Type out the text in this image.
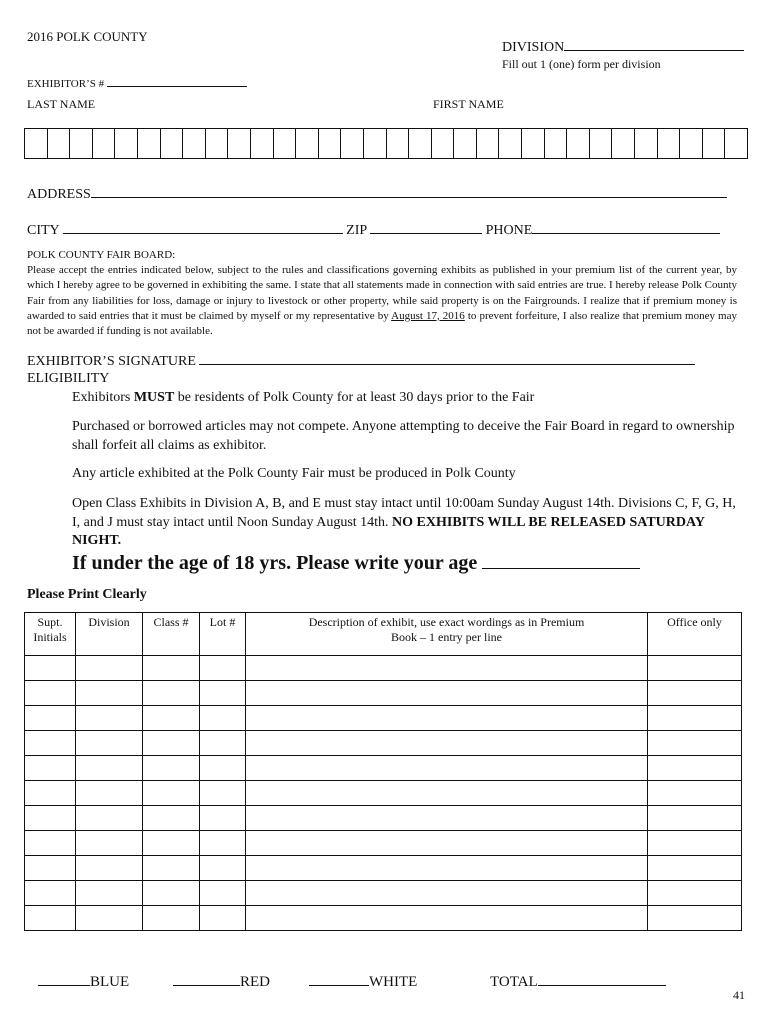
2016 POLK COUNTY
DIVISION
Fill out 1 (one) form per division
EXHIBITOR’S #
LAST NAME	FIRST NAME
ADDRESS
CITY	ZIP	PHONE
POLK COUNTY FAIR BOARD:
Please accept the entries indicated below, subject to the rules and classifications governing exhibits as published in your premium list of the current year, by which I hereby agree to be governed in exhibiting the same. I state that all statements made in connection with said entries are true. I hereby release Polk County Fair from any liabilities for loss, damage or injury to livestock or other property, while said property is on the Fairgrounds. I realize that if premium money is awarded to said entries that it must be claimed by myself or my representative by August 17, 2016 to prevent forfeiture, I also realize that premium money may not be awarded if funding is not available.
EXHIBITOR’S SIGNATURE
ELIGIBILITY
Exhibitors MUST be residents of Polk County for at least 30 days prior to the Fair
Purchased or borrowed articles may not compete. Anyone attempting to deceive the Fair Board in regard to ownership shall forfeit all claims as exhibitor.
Any article exhibited at the Polk County Fair must be produced in Polk County
Open Class Exhibits in Division A, B, and E must stay intact until 10:00am Sunday August 14th. Divisions C, F, G, H, I, and J must stay intact until Noon Sunday August 14th. NO EXHIBITS WILL BE RELEASED SATURDAY NIGHT.
If under the age of 18 yrs. Please write your age
Please Print Clearly
Supt. Initials	Division	Class #	Lot #	Description of exhibit, use exact wordings as in Premium Book – 1 entry per line	Office only

BLUE	RED	WHITE	TOTAL
41
